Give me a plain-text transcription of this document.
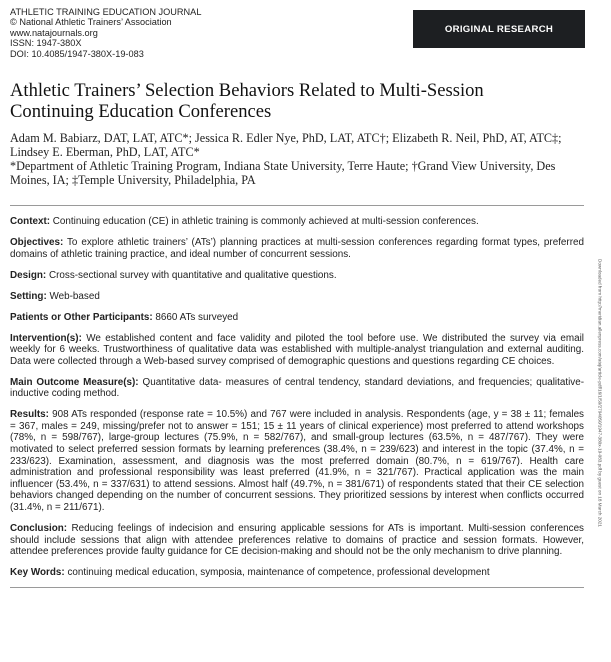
ATHLETIC TRAINING EDUCATION JOURNAL
© National Athletic Trainers’ Association
www.natajournals.org
ISSN: 1947-380X
DOI: 10.4085/1947-380X-19-083
ORIGINAL RESEARCH
Athletic Trainers’ Selection Behaviors Related to Multi-Session Continuing Education Conferences
Adam M. Babiarz, DAT, LAT, ATC*; Jessica R. Edler Nye, PhD, LAT, ATC†; Elizabeth R. Neil, PhD, AT, ATC‡; Lindsey E. Eberman, PhD, LAT, ATC*
*Department of Athletic Training Program, Indiana State University, Terre Haute; †Grand View University, Des Moines, IA; ‡Temple University, Philadelphia, PA
Downloaded from http://meridian.allenpress.com/atej/article-pdf/16/1/59/2794050/1947-380x-19-083.pdf by guest on 18 March 2021

Context: Continuing education (CE) in athletic training is commonly achieved at multi-session conferences.

Objectives: To explore athletic trainers’ (ATs’) planning practices at multi-session conferences regarding format types, preferred domains of athletic training practice, and ideal number of concurrent sessions.

Design: Cross-sectional survey with quantitative and qualitative questions.

Setting: Web-based

Patients or Other Participants: 8660 ATs surveyed

Intervention(s): We established content and face validity and piloted the tool before use. We distributed the survey via email weekly for 6 weeks. Trustworthiness of qualitative data was established with multiple-analyst triangulation and external auditing. Data were collected through a Web-based survey comprised of demographic questions and questions regarding CE choices.

Main Outcome Measure(s): Quantitative data- measures of central tendency, standard deviations, and frequencies; qualitative- inductive coding method.

Results: 908 ATs responded (response rate = 10.5%) and 767 were included in analysis. Respondents (age, y = 38 ± 11; females = 367, males = 249, missing/prefer not to answer = 151; 15 ± 11 years of clinical experience) most preferred to attend workshops (78%, n = 598/767), large-group lectures (75.9%, n = 582/767), and small-group lectures (63.5%, n = 487/767). They were motivated to select preferred session formats by learning preferences (38.4%, n = 239/623) and interest in the topic (37.4%, n = 233/623). Examination, assessment, and diagnosis was the most preferred domain (80.7%, n = 619/767). Health care administration and professional responsibility was least preferred (41.9%, n = 321/767). Practical application was the main influencer (53.4%, n = 337/631) to attend sessions. Almost half (49.7%, n = 381/671) of respondents stated that their CE selection behaviors changed depending on the number of concurrent sessions. They prioritized sessions by interest when conflicts occurred (31.4%, n = 211/671).

Conclusion: Reducing feelings of indecision and ensuring applicable sessions for ATs is important. Multi-session conferences should include sessions that align with attendee preferences relative to domains of practice and session formats. However, attendee preferences provide faulty guidance for CE decision-making and should not be the only mechanism to drive planning.

Key Words: continuing medical education, symposia, maintenance of competence, professional development
